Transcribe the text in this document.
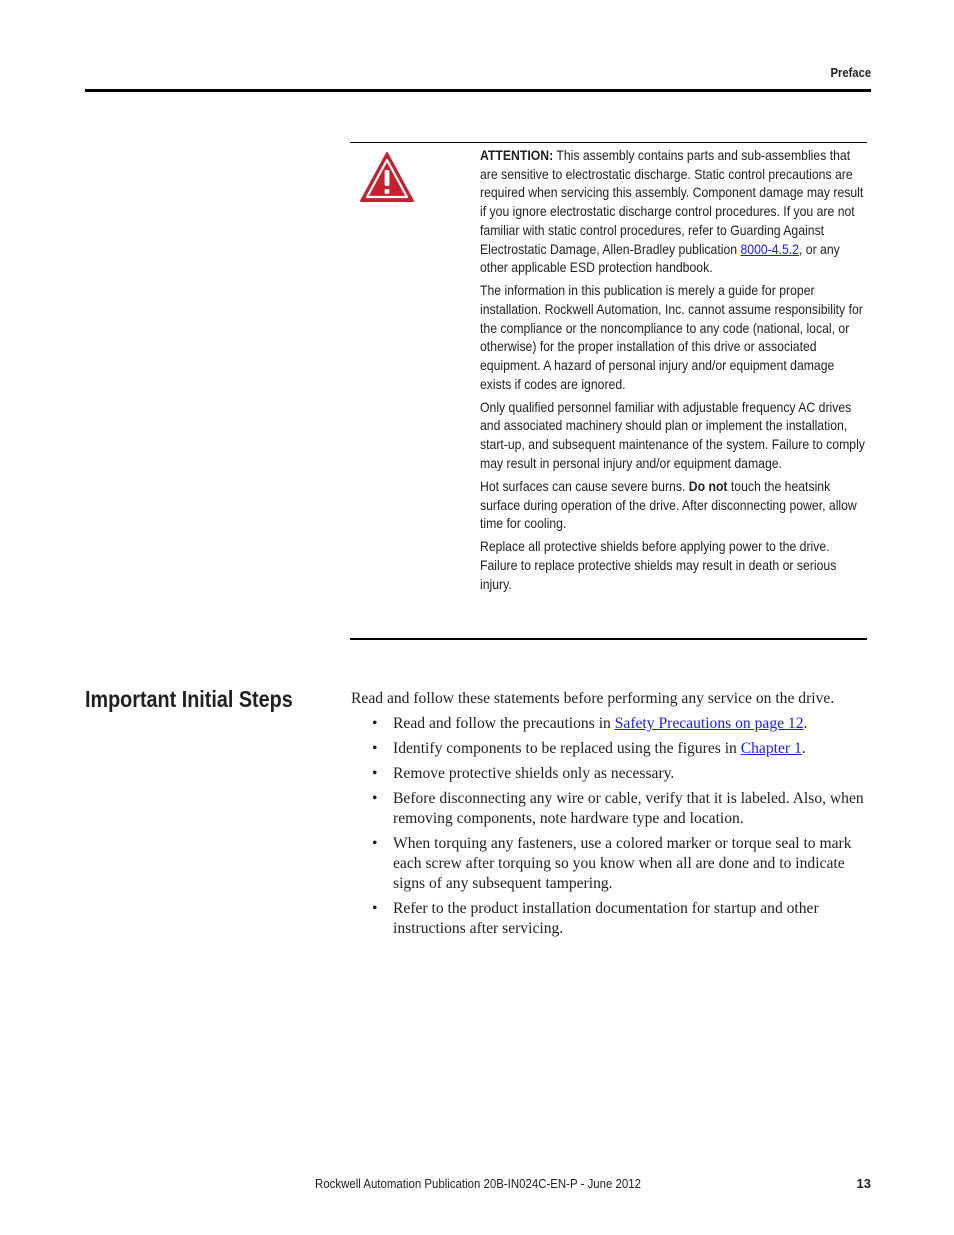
Preface

ATTENTION: This assembly contains parts and sub-assemblies that are sensitive to electrostatic discharge. Static control precautions are required when servicing this assembly. Component damage may result if you ignore electrostatic discharge control procedures. If you are not familiar with static control procedures, refer to Guarding Against Electrostatic Damage, Allen-Bradley publication 8000-4.5.2, or any other applicable ESD protection handbook.

The information in this publication is merely a guide for proper installation. Rockwell Automation, Inc. cannot assume responsibility for the compliance or the noncompliance to any code (national, local, or otherwise) for the proper installation of this drive or associated equipment. A hazard of personal injury and/or equipment damage exists if codes are ignored.

Only qualified personnel familiar with adjustable frequency AC drives and associated machinery should plan or implement the installation, start-up, and subsequent maintenance of the system. Failure to comply may result in personal injury and/or equipment damage.

Hot surfaces can cause severe burns. Do not touch the heatsink surface during operation of the drive. After disconnecting power, allow time for cooling.

Replace all protective shields before applying power to the drive. Failure to replace protective shields may result in death or serious injury.

Important Initial Steps	Read and follow these statements before performing any service on the drive.

• Read and follow the precautions in Safety Precautions on page 12.
• Identify components to be replaced using the figures in Chapter 1.
• Remove protective shields only as necessary.
• Before disconnecting any wire or cable, verify that it is labeled. Also, when removing components, note hardware type and location.
• When torquing any fasteners, use a colored marker or torque seal to mark each screw after torquing so you know when all are done and to indicate signs of any subsequent tampering.
• Refer to the product installation documentation for startup and other instructions after servicing.
Rockwell Automation Publication 20B-IN024C-EN-P - June 2012	13
